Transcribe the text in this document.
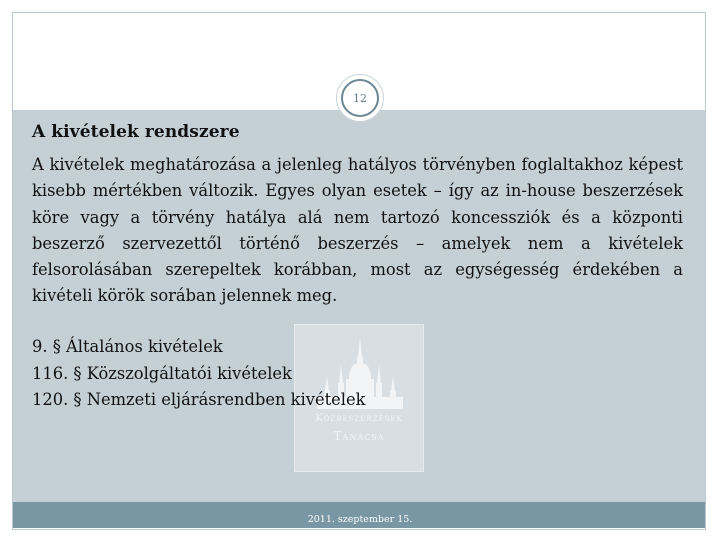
12
A kivételek rendszere
A kivételek meghatározása a jelenleg hatályos törvényben foglaltakhoz képest kisebb mértékben változik. Egyes olyan esetek – így az in-house beszerzések köre vagy a törvény hatálya alá nem tartozó koncessziók és a központi beszerző szervezettől történő beszerzés – amelyek nem a kivételek felsorolásában szerepeltek korábban, most az egységesség érdekében a kivételi körök sorában jelennek meg.
Közbeszerzések
Tanácsa
9. § Általános kivételek
116. § Közszolgáltatói kivételek
120. § Nemzeti eljárásrendben kivételek
2011. szeptember 15.
